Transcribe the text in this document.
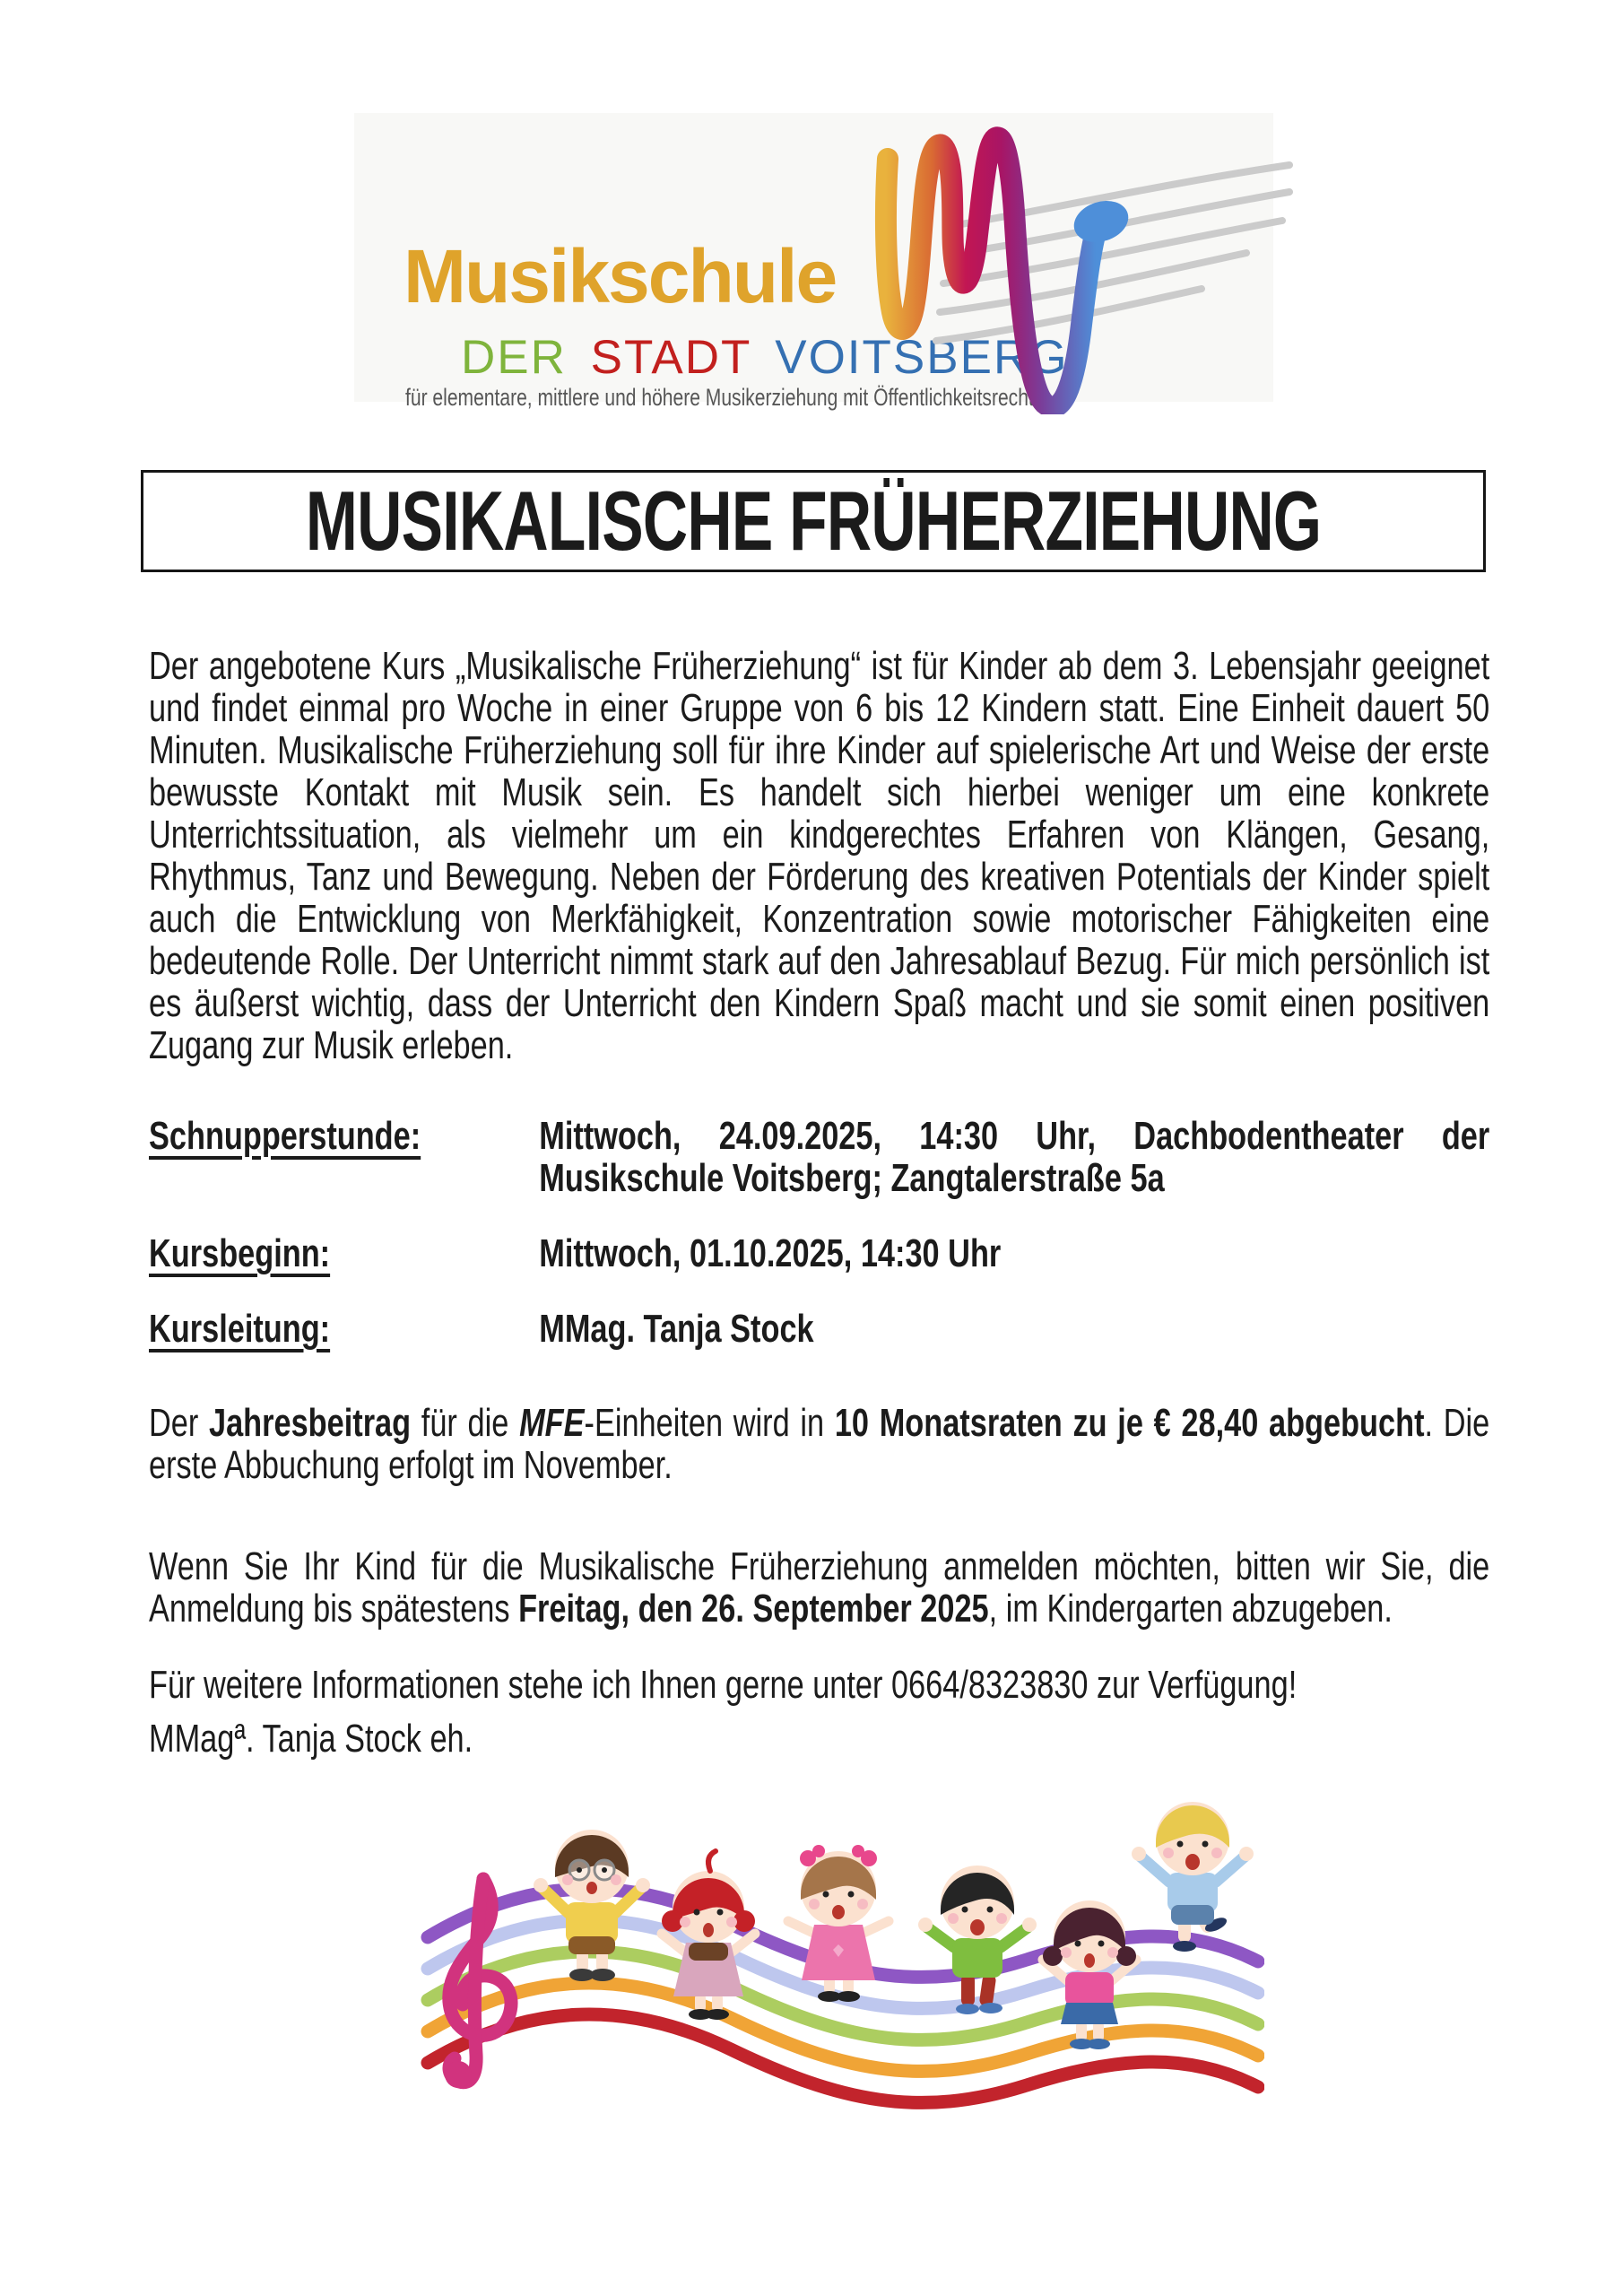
Musikschule
DER STADT VOITSBERG
für elementare, mittlere und höhere Musikerziehung mit Öffentlichkeitsrecht
MUSIKALISCHE FRÜHERZIEHUNG
Der angebotene Kurs „Musikalische Früherziehung“ ist für Kinder ab dem 3. Lebensjahr geeignet und findet einmal pro Woche in einer Gruppe von 6 bis 12 Kindern statt. Eine Einheit dauert 50 Minuten. Musikalische Früherziehung soll für ihre Kinder auf spielerische Art und Weise der erste bewusste Kontakt mit Musik sein. Es handelt sich hierbei weniger um eine konkrete Unterrichtssituation, als vielmehr um ein kindgerechtes Erfahren von Klängen, Gesang, Rhythmus, Tanz und Bewegung. Neben der Förderung des kreativen Potentials der Kinder spielt auch die Entwicklung von Merkfähigkeit, Konzentration sowie motorischer Fähigkeiten eine bedeutende Rolle. Der Unterricht nimmt stark auf den Jahresablauf Bezug. Für mich persönlich ist es äußerst wichtig, dass der Unterricht den Kindern Spaß macht und sie somit einen positiven Zugang zur Musik erleben.
Schnupperstunde:	Mittwoch, 24.09.2025, 14:30 Uhr, Dachbodentheater der Musikschule Voitsberg; Zangtalerstraße 5a
Kursbeginn:	Mittwoch, 01.10.2025, 14:30 Uhr
Kursleitung:	MMag. Tanja Stock
Der Jahresbeitrag für die MFE-Einheiten wird in 10 Monatsraten zu je € 28,40 abgebucht. Die erste Abbuchung erfolgt im November.
Wenn Sie Ihr Kind für die Musikalische Früherziehung anmelden möchten, bitten wir Sie, die Anmeldung bis spätestens Freitag, den 26. September 2025, im Kindergarten abzugeben.
Für weitere Informationen stehe ich Ihnen gerne unter 0664/8323830 zur Verfügung!
MMagª. Tanja Stock eh.
